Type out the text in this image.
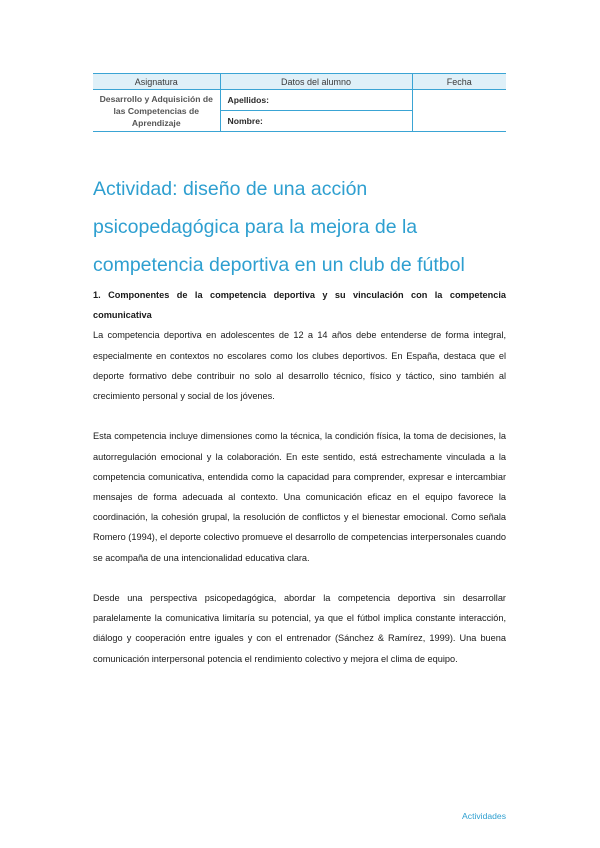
Asignatura	Datos del alumno	Fecha
Desarrollo y Adquisición de las Competencias de Aprendizaje	Apellidos:	
	Nombre:	
Actividad: diseño de una acción psicopedagógica para la mejora de la competencia deportiva en un club de fútbol
1. Componentes de la competencia deportiva y su vinculación con la competencia comunicativa

La competencia deportiva en adolescentes de 12 a 14 años debe entenderse de forma integral, especialmente en contextos no escolares como los clubes deportivos. En España, destaca que el deporte formativo debe contribuir no solo al desarrollo técnico, físico y táctico, sino también al crecimiento personal y social de los jóvenes.

Esta competencia incluye dimensiones como la técnica, la condición física, la toma de decisiones, la autorregulación emocional y la colaboración. En este sentido, está estrechamente vinculada a la competencia comunicativa, entendida como la capacidad para comprender, expresar e intercambiar mensajes de forma adecuada al contexto. Una comunicación eficaz en el equipo favorece la coordinación, la cohesión grupal, la resolución de conflictos y el bienestar emocional. Como señala Romero (1994), el deporte colectivo promueve el desarrollo de competencias interpersonales cuando se acompaña de una intencionalidad educativa clara.

Desde una perspectiva psicopedagógica, abordar la competencia deportiva sin desarrollar paralelamente la comunicativa limitaría su potencial, ya que el fútbol implica constante interacción, diálogo y cooperación entre iguales y con el entrenador (Sánchez & Ramírez, 1999). Una buena comunicación interpersonal potencia el rendimiento colectivo y mejora el clima de equipo.

Actividades
